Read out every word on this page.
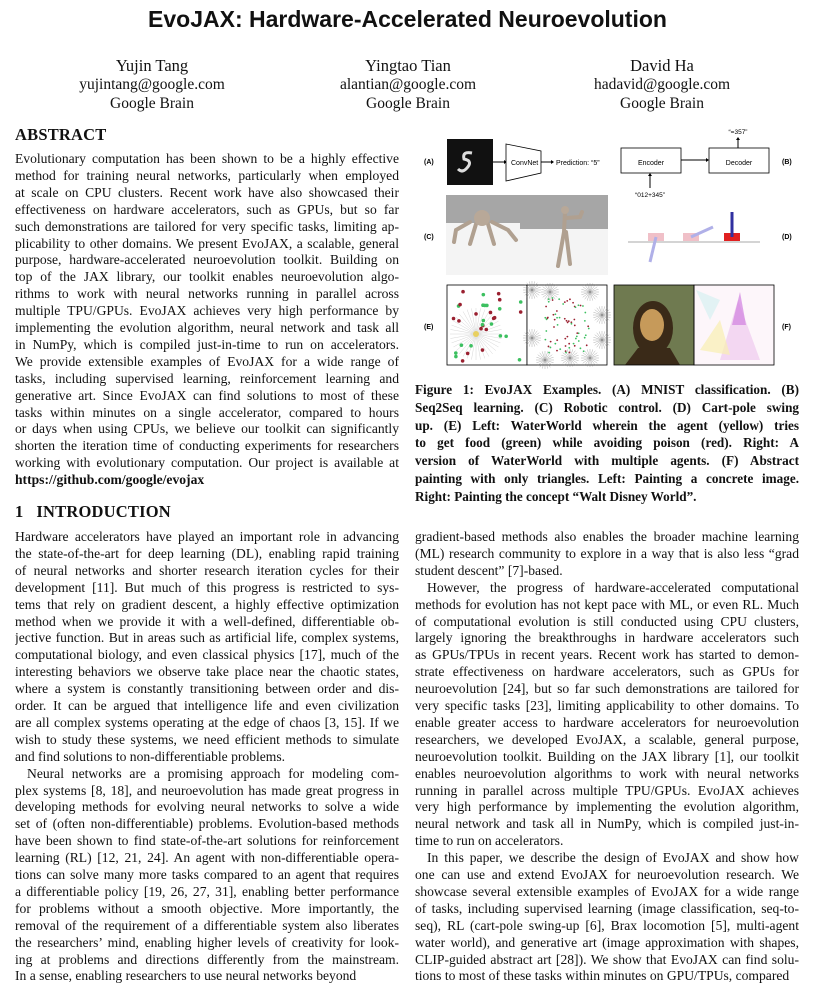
EvoJAX: Hardware-Accelerated Neuroevolution
Yujin Tang
yujintang@google.com
Google Brain
Yingtao Tian
alantian@google.com
Google Brain
David Ha
hadavid@google.com
Google Brain
ABSTRACT
Evolutionary computation has been shown to be a highly effective
method for training neural networks, particularly when employed
at scale on CPU clusters. Recent work have also showcased their
effectiveness on hardware accelerators, such as GPUs, but so far
such demonstrations are tailored for very specific tasks, limiting ap-
plicability to other domains. We present EvoJAX, a scalable, general
purpose, hardware-accelerated neuroevolution toolkit. Building on
top of the JAX library, our toolkit enables neuroevolution algo-
rithms to work with neural networks running in parallel across
multiple TPU/GPUs. EvoJAX achieves very high performance by
implementing the evolution algorithm, neural network and task all
in NumPy, which is compiled just-in-time to run on accelerators.
We provide extensible examples of EvoJAX for a wide range of
tasks, including supervised learning, reinforcement learning and
generative art. Since EvoJAX can find solutions to most of these
tasks within minutes on a single accelerator, compared to hours
or days when using CPUs, we believe our toolkit can significantly
shorten the iteration time of conducting experiments for researchers
working with evolutionary computation. Our project is available at
https://github.com/google/evojax
1   INTRODUCTION
Hardware accelerators have played an important role in advancing
the state-of-the-art for deep learning (DL), enabling rapid training
of neural networks and shorter research iteration cycles for their
development [11]. But much of this progress is restricted to sys-
tems that rely on gradient descent, a highly effective optimization
method when we provide it with a well-defined, differentiable ob-
jective function. But in areas such as artificial life, complex systems,
computational biology, and even classical physics [17], much of the
interesting behaviors we observe take place near the chaotic states,
where a system is constantly transitioning between order and dis-
order. It can be argued that intelligence life and even civilization
are all complex systems operating at the edge of chaos [3, 15]. If we
wish to study these systems, we need efficient methods to simulate
and find solutions to non-differentiable problems.
Neural networks are a promising approach for modeling com-
plex systems [8, 18], and neuroevolution has made great progress in
developing methods for evolving neural networks to solve a wide
set of (often non-differentiable) problems. Evolution-based methods
have been shown to find state-of-the-art solutions for reinforcement
learning (RL) [12, 21, 24]. An agent with non-differentiable opera-
tions can solve many more tasks compared to an agent that requires
a differentiable policy [19, 26, 27, 31], enabling better performance
for problems without a smooth objective. More importantly, the
removal of the requirement of a differentiable system also liberates
the researchers’ mind, enabling higher levels of creativity for look-
ing at problems and directions differently from the mainstream.
In a sense, enabling researchers to use neural networks beyond
gradient-based methods also enables the broader machine learning
(ML) research community to explore in a way that is also less “grad
student descent” [7]-based.
However, the progress of hardware-accelerated computational
methods for evolution has not kept pace with ML, or even RL. Much
of computational evolution is still conducted using CPU clusters,
largely ignoring the breakthroughs in hardware accelerators such
as GPUs/TPUs in recent years. Recent work has started to demon-
strate effectiveness on hardware accelerators, such as GPUs for
neuroevolution [24], but so far such demonstrations are tailored for
very specific tasks [23], limiting applicability to other domains. To
enable greater access to hardware accelerators for neuroevolution
researchers, we developed EvoJAX, a scalable, general purpose,
neuroevolution toolkit. Building on the JAX library [1], our toolkit
enables neuroevolution algorithms to work with neural networks
running in parallel across multiple TPU/GPUs. EvoJAX achieves
very high performance by implementing the evolution algorithm,
neural network and task all in NumPy, which is compiled just-in-
time to run on accelerators.
In this paper, we describe the design of EvoJAX and show how
one can use and extend EvoJAX for neuroevolution research. We
showcase several extensible examples of EvoJAX for a wide range
of tasks, including supervised learning (image classification, seq-to-
seq), RL (cart-pole swing-up [6], Brax locomotion [5], multi-agent
water world), and generative art (image approximation with shapes,
CLIP-guided abstract art [28]). We show that EvoJAX can find solu-
tions to most of these tasks within minutes on GPU/TPUs, compared
(A)	(B)
(C)	(D)
(E)	(F)
ConvNet	Prediction: “5”	Encoder	Decoder
“=357”
“012+345”
Figure 1: EvoJAX Examples. (A) MNIST classification. (B)
Seq2Seq learning. (C) Robotic control. (D) Cart-pole swing
up. (E) Left: WaterWorld wherein the agent (yellow) tries
to get food (green) while avoiding poison (red). Right: A
version of WaterWorld with multiple agents. (F) Abstract
painting with only triangles. Left: Painting a concrete image.
Right: Painting the concept “Walt Disney World”.
